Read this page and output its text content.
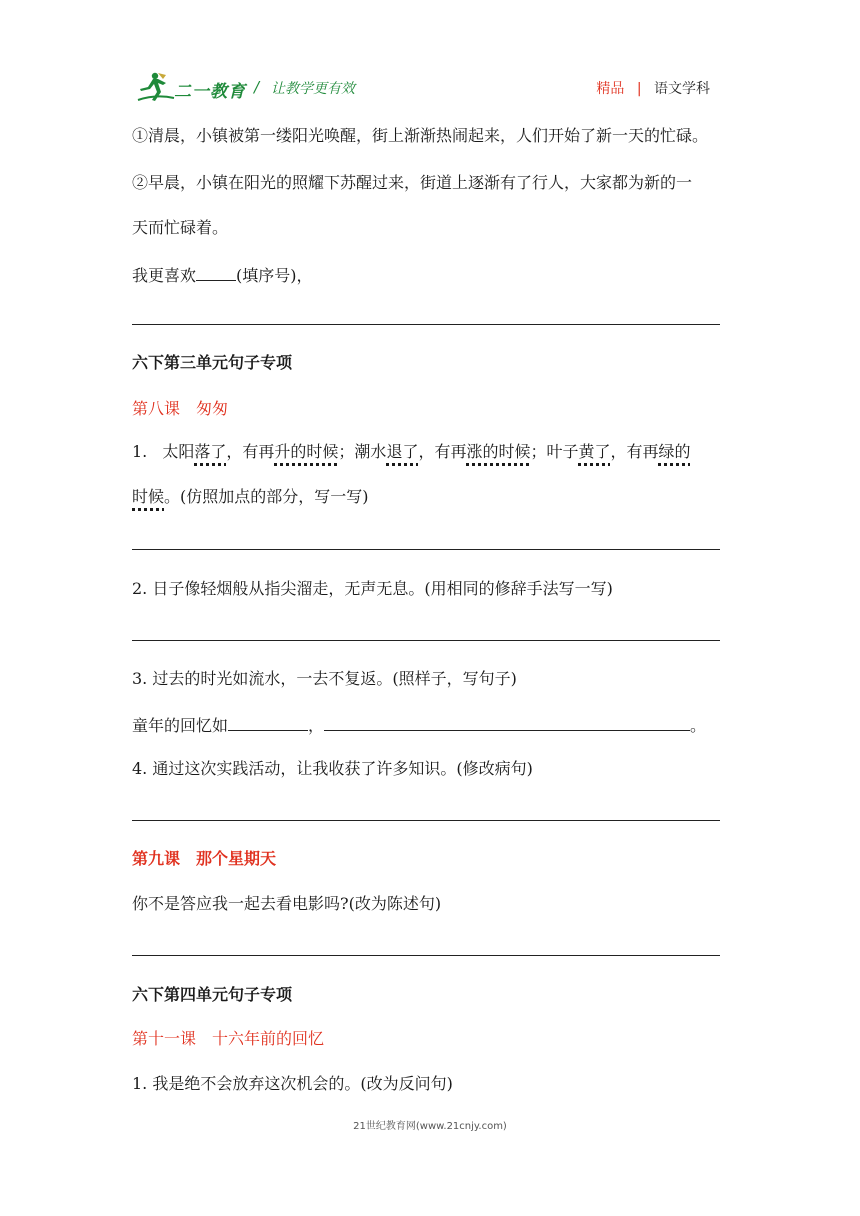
二一教育 / 让教学更有效	精品 | 语文学科
①清晨，小镇被第一缕阳光唤醒，街上渐渐热闹起来，人们开始了新一天的忙碌。
②早晨，小镇在阳光的照耀下苏醒过来，街道上逐渐有了行人，大家都为新的一
天而忙碌着。
我更喜欢	(填序号)，
六下第三单元句子专项
第八课　匆匆
1. 太阳落了，有再升的时候；潮水退了，有再涨的时候；叶子黄了，有再绿的
时候。(仿照加点的部分，写一写)
2. 日子像轻烟般从指尖溜走，无声无息。(用相同的修辞手法写一写)
3. 过去的时光如流水，一去不复返。(照样子，写句子)
童年的回忆如	，	。
4. 通过这次实践活动，让我收获了许多知识。(修改病句)
第九课　那个星期天
你不是答应我一起去看电影吗?(改为陈述句)
六下第四单元句子专项
第十一课　十六年前的回忆
1. 我是绝不会放弃这次机会的。(改为反问句)
21世纪教育网(www.21cnjy.com)
